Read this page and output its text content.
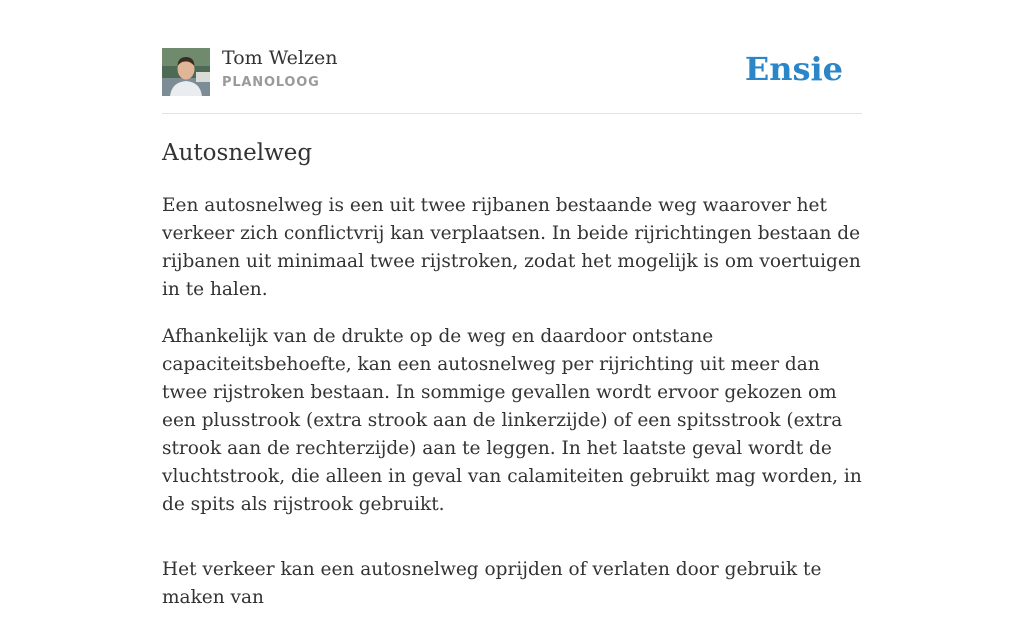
Tom Welzen
PLANOLOOG	Ensie
Autosnelweg

Een autosnelweg is een uit twee rijbanen bestaande weg waarover het verkeer zich conflictvrij kan verplaatsen. In beide rijrichtingen bestaan de rijbanen uit minimaal twee rijstroken, zodat het mogelijk is om voertuigen in te halen.

Afhankelijk van de drukte op de weg en daardoor ontstane capaciteitsbehoefte, kan een autosnelweg per rijrichting uit meer dan twee rijstroken bestaan. In sommige gevallen wordt ervoor gekozen om een plusstrook (extra strook aan de linkerzijde) of een spitsstrook (extra strook aan de rechterzijde) aan te leggen. In het laatste geval wordt de vluchtstrook, die alleen in geval van calamiteiten gebruikt mag worden, in de spits als rijstrook gebruikt.

Het verkeer kan een autosnelweg oprijden of verlaten door gebruik te maken van
